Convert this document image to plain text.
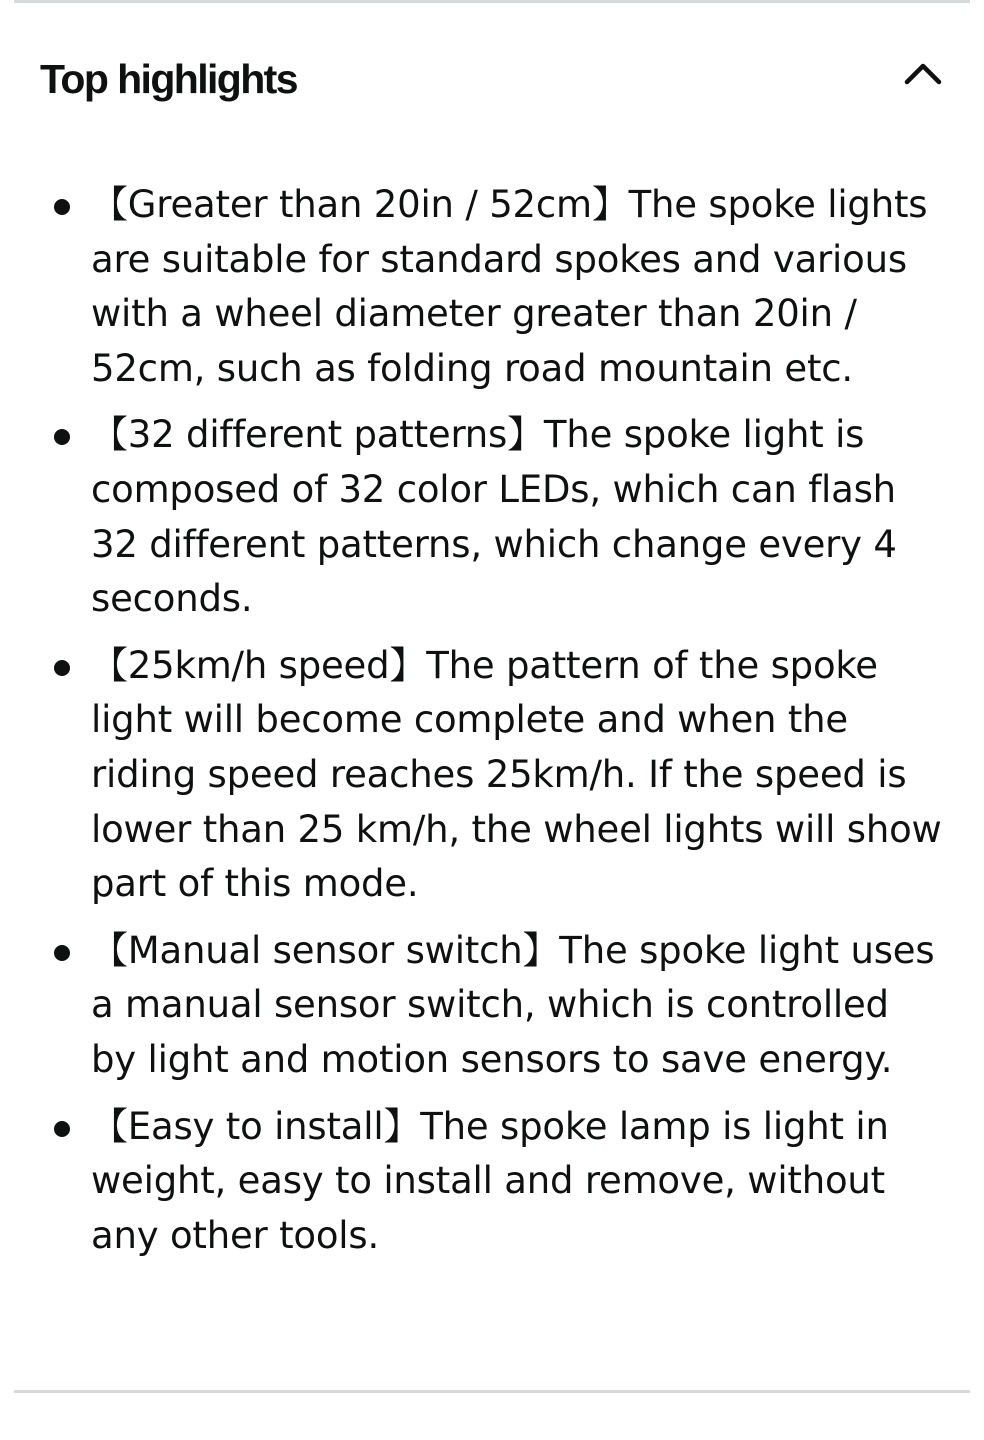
Top highlights
【Greater than 20in / 52cm】The spoke lights are suitable for standard spokes and various with a wheel diameter greater than 20in / 52cm, such as folding road mountain etc.
【32 different patterns】The spoke light is composed of 32 color LEDs, which can flash 32 different patterns, which change every 4 seconds.
【25km/h speed】The pattern of the spoke light will become complete and when the riding speed reaches 25km/h. If the speed is lower than 25 km/h, the wheel lights will show part of this mode.
【Manual sensor switch】The spoke light uses a manual sensor switch, which is controlled by light and motion sensors to save energy.
【Easy to install】The spoke lamp is light in weight, easy to install and remove, without any other tools.
